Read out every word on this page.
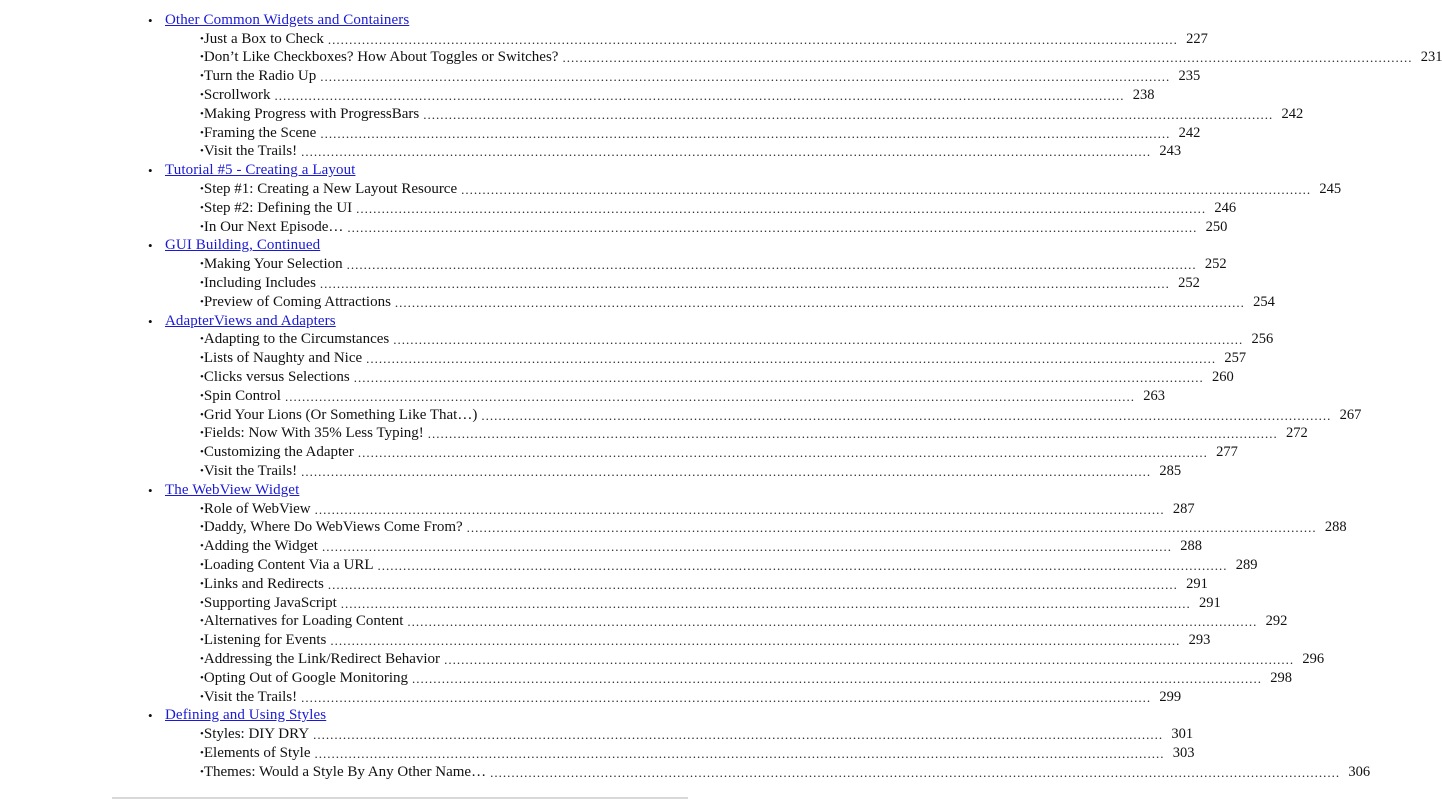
• Other Common Widgets and Containers
• Just a Box to Check ........................................................................................................................................................................................................ 227
• Don’t Like Checkboxes? How About Toggles or Switches? ........................................................................................................................................................................................................ 231
• Turn the Radio Up ........................................................................................................................................................................................................ 235
• Scrollwork ........................................................................................................................................................................................................ 238
• Making Progress with ProgressBars ........................................................................................................................................................................................................ 242
• Framing the Scene ........................................................................................................................................................................................................ 242
• Visit the Trails! ........................................................................................................................................................................................................ 243
• Tutorial #5 - Creating a Layout
• Step #1: Creating a New Layout Resource ........................................................................................................................................................................................................ 245
• Step #2: Defining the UI ........................................................................................................................................................................................................ 246
• In Our Next Episode… ........................................................................................................................................................................................................ 250
• GUI Building, Continued
• Making Your Selection ........................................................................................................................................................................................................ 252
• Including Includes ........................................................................................................................................................................................................ 252
• Preview of Coming Attractions ........................................................................................................................................................................................................ 254
• AdapterViews and Adapters
• Adapting to the Circumstances ........................................................................................................................................................................................................ 256
• Lists of Naughty and Nice ........................................................................................................................................................................................................ 257
• Clicks versus Selections ........................................................................................................................................................................................................ 260
• Spin Control ........................................................................................................................................................................................................ 263
• Grid Your Lions (Or Something Like That…) ........................................................................................................................................................................................................ 267
• Fields: Now With 35% Less Typing! ........................................................................................................................................................................................................ 272
• Customizing the Adapter ........................................................................................................................................................................................................ 277
• Visit the Trails! ........................................................................................................................................................................................................ 285
• The WebView Widget
• Role of WebView ........................................................................................................................................................................................................ 287
• Daddy, Where Do WebViews Come From? ........................................................................................................................................................................................................ 288
• Adding the Widget ........................................................................................................................................................................................................ 288
• Loading Content Via a URL ........................................................................................................................................................................................................ 289
• Links and Redirects ........................................................................................................................................................................................................ 291
• Supporting JavaScript ........................................................................................................................................................................................................ 291
• Alternatives for Loading Content ........................................................................................................................................................................................................ 292
• Listening for Events ........................................................................................................................................................................................................ 293
• Addressing the Link/Redirect Behavior ........................................................................................................................................................................................................ 296
• Opting Out of Google Monitoring ........................................................................................................................................................................................................ 298
• Visit the Trails! ........................................................................................................................................................................................................ 299
• Defining and Using Styles
• Styles: DIY DRY ........................................................................................................................................................................................................ 301
• Elements of Style ........................................................................................................................................................................................................ 303
• Themes: Would a Style By Any Other Name… ........................................................................................................................................................................................................ 306
